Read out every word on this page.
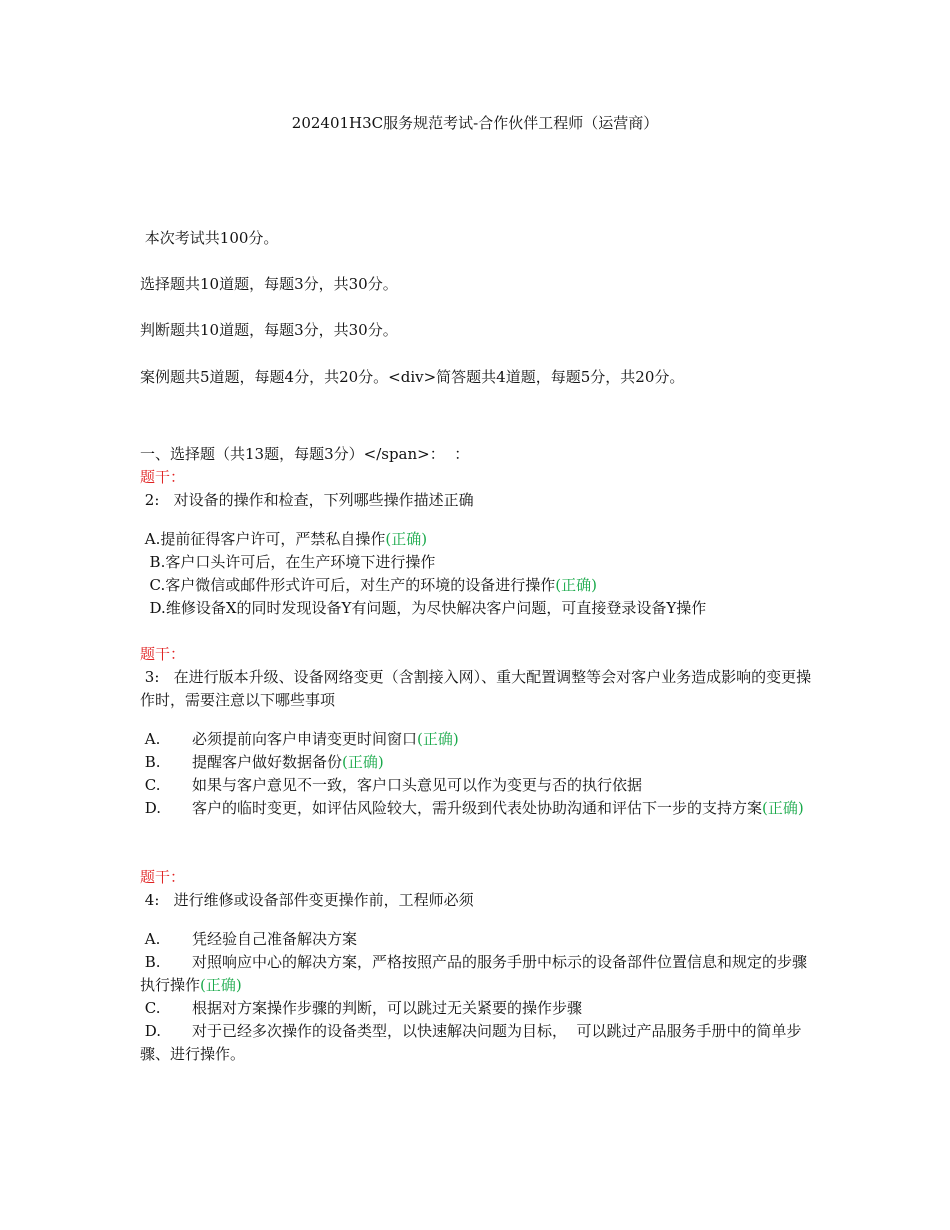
202401H3C服务规范考试-合作伙伴工程师（运营商）
本次考试共100分。
选择题共10道题，每题3分，共30分。
判断题共10道题，每题3分，共30分。
案例题共5道题，每题4分，共20分。<div>简答题共4道题，每题5分，共20分。
一、选择题（共13题，每题3分）</span>：  ：
题干：
2:   对设备的操作和检查，下列哪些操作描述正确
A.提前征得客户许可，严禁私自操作(正确)
B.客户口头许可后，在生产环境下进行操作
C.客户微信或邮件形式许可后，对生产的环境的设备进行操作(正确)
D.维修设备X的同时发现设备Y有问题，为尽快解决客户问题，可直接登录设备Y操作
题干：
3:   在进行版本升级、设备网络变更（含割接入网）、重大配置调整等会对客户业务造成影响的变更操作时，需要注意以下哪些事项
A. 必须提前向客户申请变更时间窗口(正确)
B. 提醒客户做好数据备份(正确)
C. 如果与客户意见不一致，客户口头意见可以作为变更与否的执行依据
D. 客户的临时变更，如评估风险较大，需升级到代表处协助沟通和评估下一步的支持方案(正确)
题干：
4:   进行维修或设备部件变更操作前，工程师必须
A. 凭经验自己准备解决方案
B. 对照响应中心的解决方案，严格按照产品的服务手册中标示的设备部件位置信息和规定的步骤执行操作(正确)
C. 根据对方案操作步骤的判断，可以跳过无关紧要的操作步骤
D. 对于已经多次操作的设备类型，以快速解决问题为目标，  可以跳过产品服务手册中的简单步骤、进行操作。
